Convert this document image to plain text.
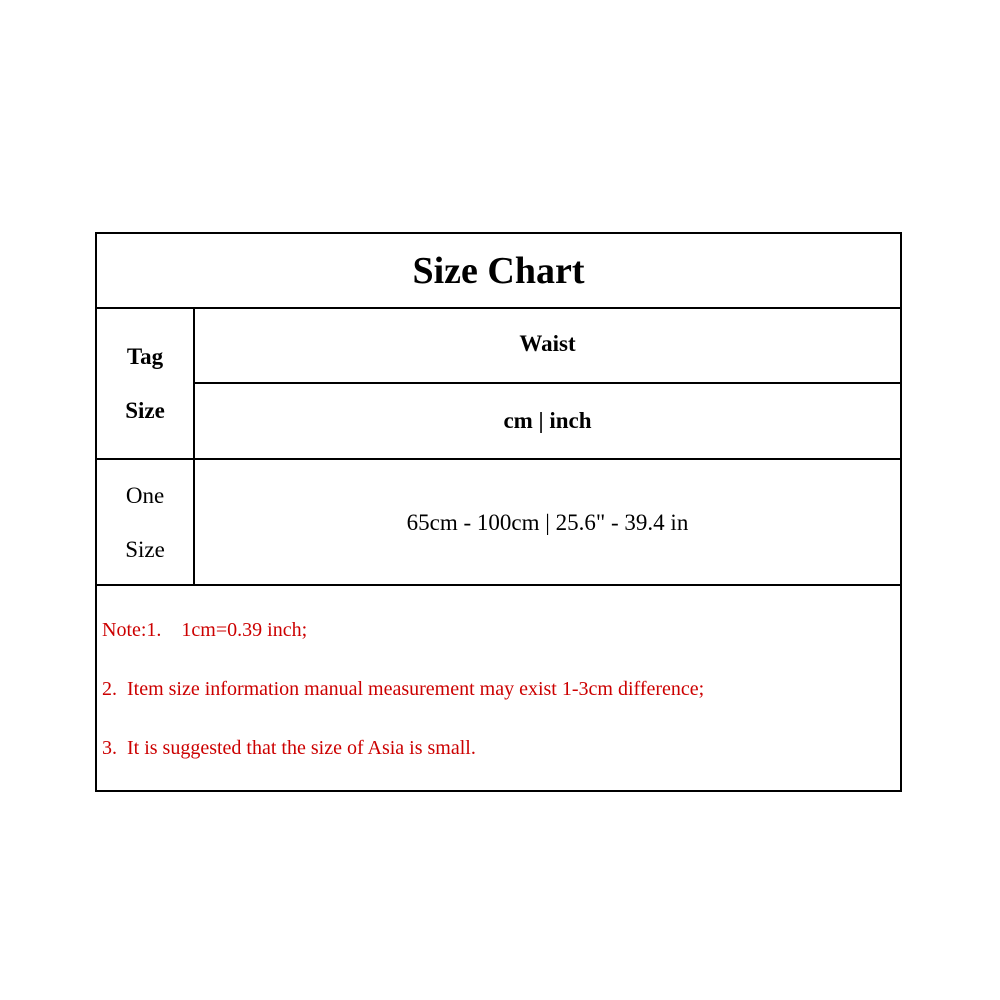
Size Chart
Tag
Size
Waist
cm | inch
One
Size
65cm - 100cm | 25.6" - 39.4 in
Note:1.    1cm=0.39 inch;
2.  Item size information manual measurement may exist 1-3cm difference;
3.  It is suggested that the size of Asia is small.
